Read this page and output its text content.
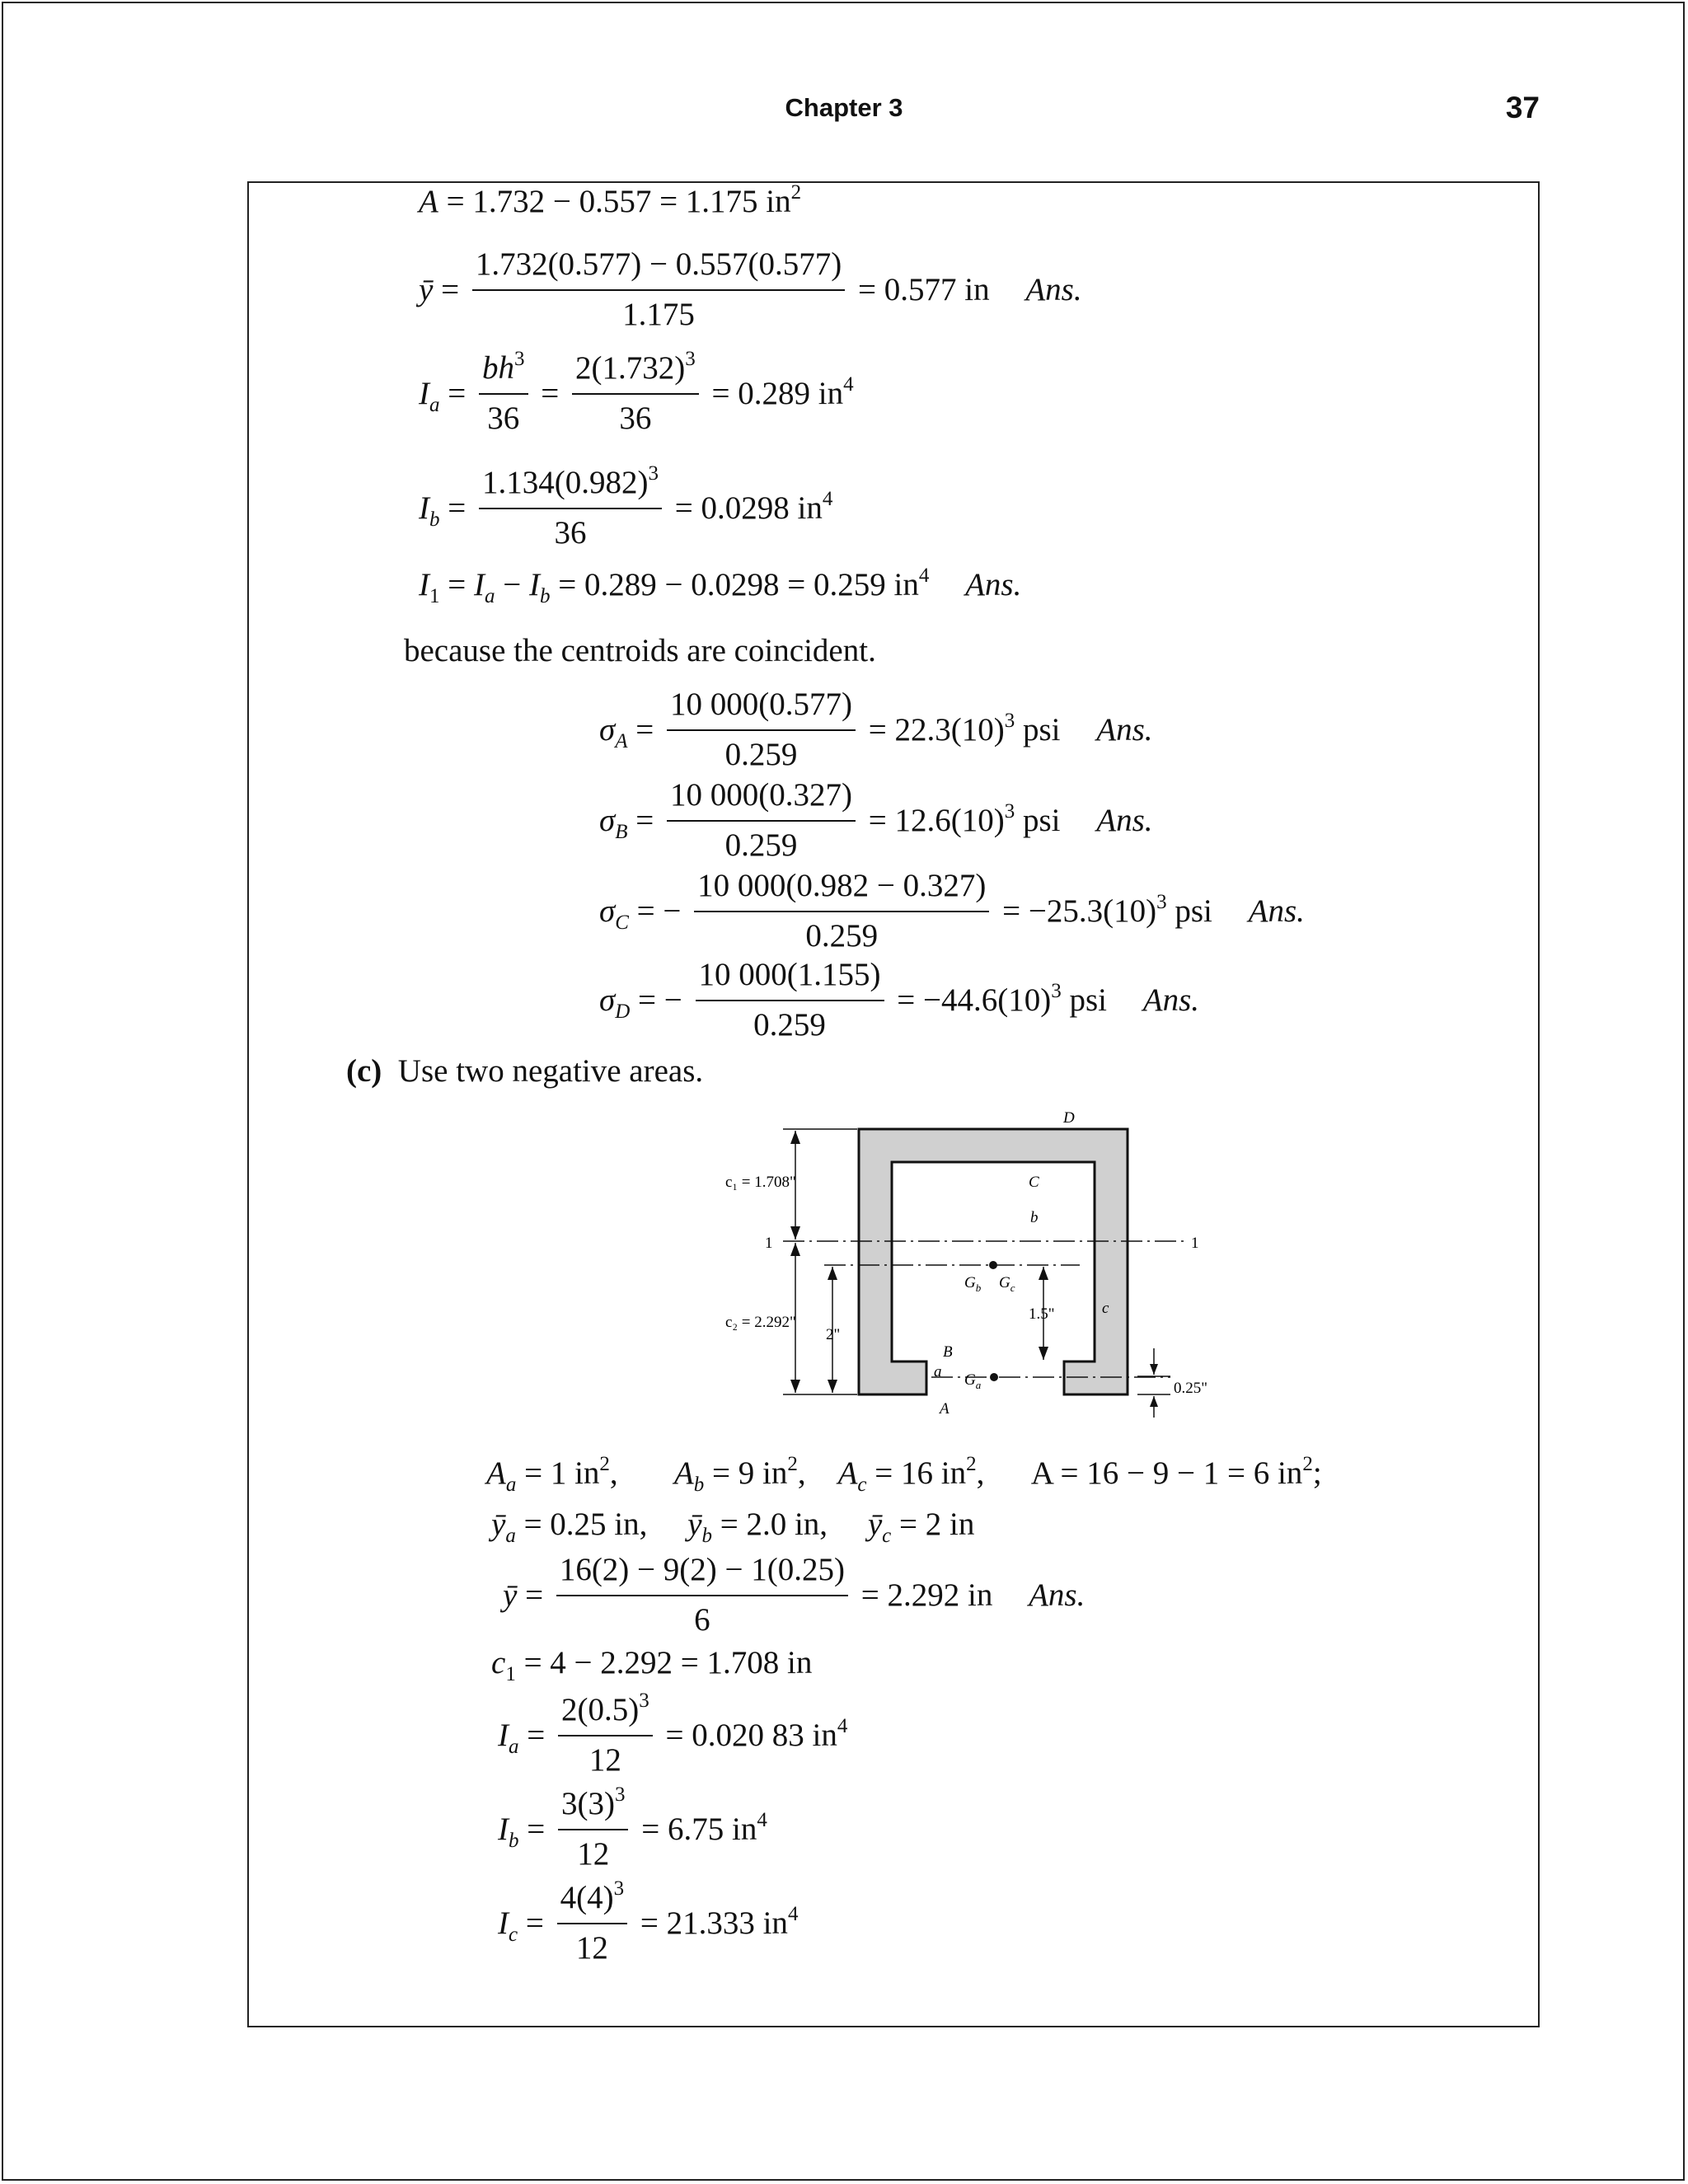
Chapter 3	37
A = 1.732 − 0.557 = 1.175 $in^2$
ȳ = $\frac{1.732(0.577) - 0.557(0.577)}{1.175} = 0.577$ in Ans.
$I_a = \frac{bh^3}{36} = \frac{2(1.732)^3}{36} = 0.289$ $in^4$
$I_b = \frac{1.134(0.982)^3}{36} = 0.0298$ $in^4$
$I_1 = I_a - I_b = 0.289 - 0.0298 = 0.259$ $in^4$ Ans.
because the centroids are coincident.
$\sigma_A = \frac{10 000(0.577)}{0.259} = 22.3(10)^3$ psi Ans.
$\sigma_B = \frac{10 000(0.327)}{0.259} = 12.6(10)^3$ psi Ans.
$\sigma_C$ = − $\frac{10 000(0.982 - 0.327)}{0.259} = -25.3(10)^3$ psi Ans.
$\sigma_D$ = − $\frac{10 000(1.155)}{0.259} = -44.6(10)^3$ psi Ans.
(c) Use two negative areas.
1	1
$G_b$ $G_c$
$G_a$
c₁ = 1.708"
c₂ = 2.292"
2"
1.5"
0.25"
D
C
b
c
B
a
A
$A_a = 1$ $in^2$,       $A_b = 9$ $in^2$,    $A_c = 16$ $in^2$,      A = 16 − 9 − 1 = 6 $in^2$;
$ȳ_a = 0.25$ in, $ȳ_b = 2.0$ in, $ȳ_c = 2$ in
ȳ = $\frac{16(2) - 9(2) - 1(0.25)}{6} = 2.292$ in Ans.
$c_1 = 4 - 2.292 = 1.708$ in
$I_a = \frac{2(0.5)^3}{12} = 0.020$ 83 $in^4$
$I_b = \frac{3(3)^3}{12} = 6.75$ $in^4$
$I_c = \frac{4(4)^3}{12} = 21.333$ $in^4$
